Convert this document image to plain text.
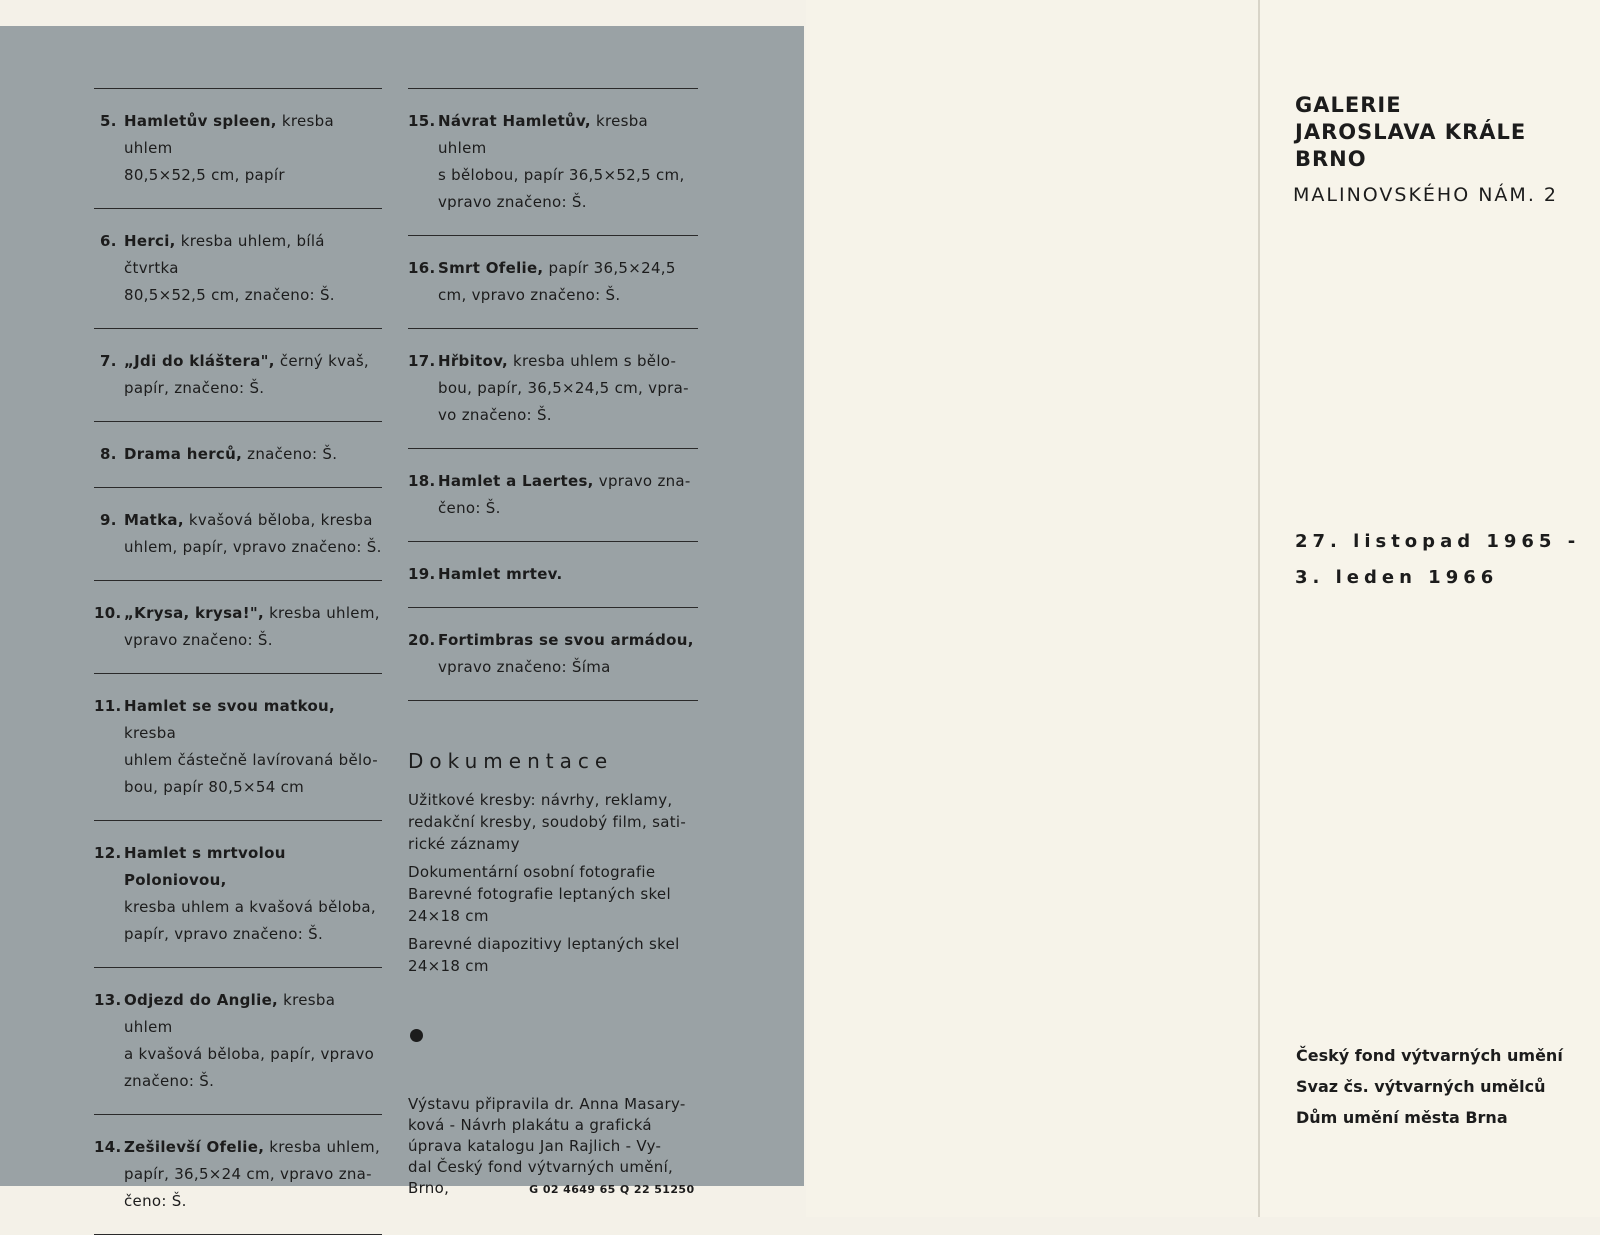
5. Hamletův spleen, kresba uhlem
80,5×52,5 cm, papír
6. Herci, kresba uhlem, bílá čtvrtka
80,5×52,5 cm, značeno: Š.
7. „Jdi do kláštera", černý kvaš,
papír, značeno: Š.
8. Drama herců, značeno: Š.
9. Matka, kvašová běloba, kresba
uhlem, papír, vpravo značeno: Š.
10. „Krysa, krysa!", kresba uhlem,
vpravo značeno: Š.
11. Hamlet se svou matkou, kresba
uhlem částečně lavírovaná bělo-
bou, papír 80,5×54 cm
12. Hamlet s mrtvolou Poloniovou,
kresba uhlem a kvašová běloba,
papír, vpravo značeno: Š.
13. Odjezd do Anglie, kresba uhlem
a kvašová běloba, papír, vpravo
značeno: Š.
14. Zešilevší Ofelie, kresba uhlem,
papír, 36,5×24 cm, vpravo zna-
čeno: Š.
15. Návrat Hamletův, kresba uhlem
s bělobou, papír 36,5×52,5 cm,
vpravo značeno: Š.
16. Smrt Ofelie, papír 36,5×24,5
cm, vpravo značeno: Š.
17. Hřbitov, kresba uhlem s bělo-
bou, papír, 36,5×24,5 cm, vpra-
vo značeno: Š.
18. Hamlet a Laertes, vpravo zna-
čeno: Š.
19. Hamlet mrtev.
20. Fortimbras se svou armádou,
vpravo značeno: Šíma
Dokumentace
Užitkové kresby: návrhy, reklamy,
redakční kresby, soudobý film, sati-
rické záznamy
Dokumentární osobní fotografie
Barevné fotografie leptaných skel
24×18 cm
Barevné diapozitivy leptaných skel
24×18 cm
Výstavu připravila dr. Anna Masary-
ková - Návrh plakátu a grafická
úprava katalogu Jan Rajlich - Vy-
dal Český fond výtvarných umění,
Brno,	G 02 4649 65 Q 22 51250
GALERIE
JAROSLAVA KRÁLE
BRNO
MALINOVSKÉHO NÁM. 2
27. listopad 1965 -
3. leden 1966
Český fond výtvarných umění
Svaz čs. výtvarných umělců
Dům umění města Brna
